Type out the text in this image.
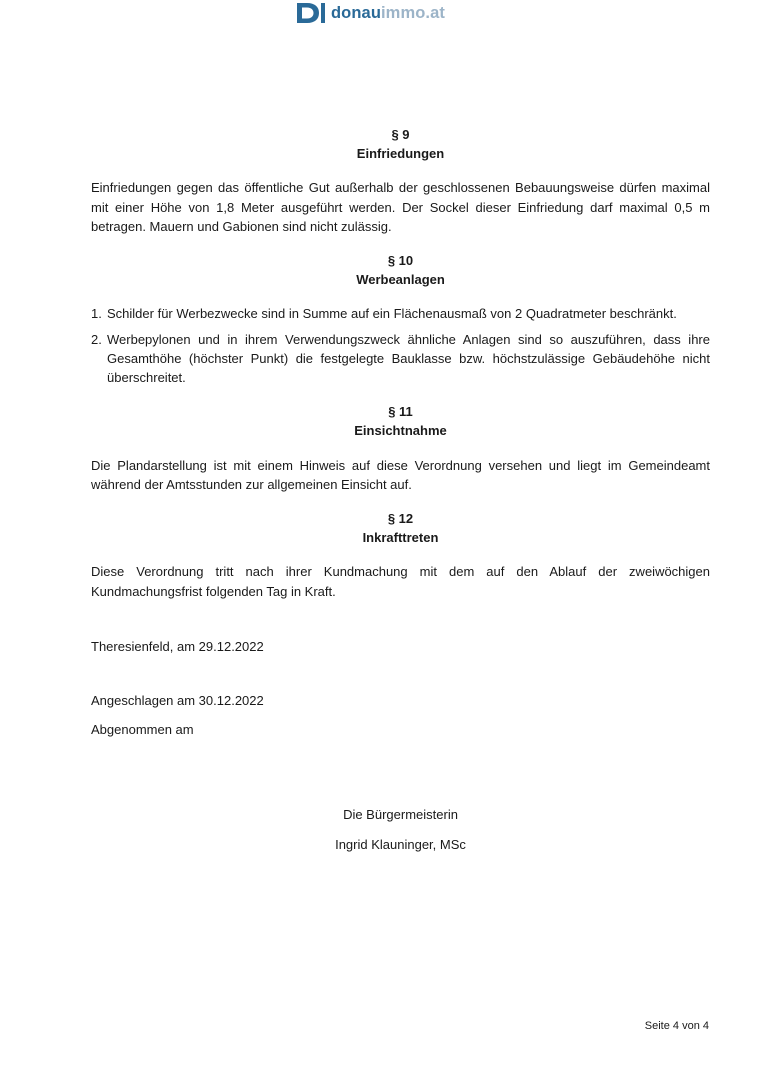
donauimmo.at
§ 9
Einfriedungen
Einfriedungen gegen das öffentliche Gut außerhalb der geschlossenen Bebauungsweise dürfen maximal mit einer Höhe von 1,8 Meter ausgeführt werden. Der Sockel dieser Einfriedung darf maximal 0,5 m betragen. Mauern und Gabionen sind nicht zulässig.
§ 10
Werbeanlagen
1. Schilder für Werbezwecke sind in Summe auf ein Flächenausmaß von 2 Quadratmeter beschränkt.
2. Werbepylonen und in ihrem Verwendungszweck ähnliche Anlagen sind so auszuführen, dass ihre Gesamthöhe (höchster Punkt) die festgelegte Bauklasse bzw. höchstzulässige Gebäudehöhe nicht überschreitet.
§ 11
Einsichtnahme
Die Plandarstellung ist mit einem Hinweis auf diese Verordnung versehen und liegt im Gemeindeamt während der Amtsstunden zur allgemeinen Einsicht auf.
§ 12
Inkrafttreten
Diese Verordnung tritt nach ihrer Kundmachung mit dem auf den Ablauf der zweiwöchigen Kundmachungsfrist folgenden Tag in Kraft.
Theresienfeld, am 29.12.2022
Angeschlagen am 30.12.2022
Abgenommen am
Die Bürgermeisterin
Ingrid Klauninger, MSc
Seite 4 von 4
